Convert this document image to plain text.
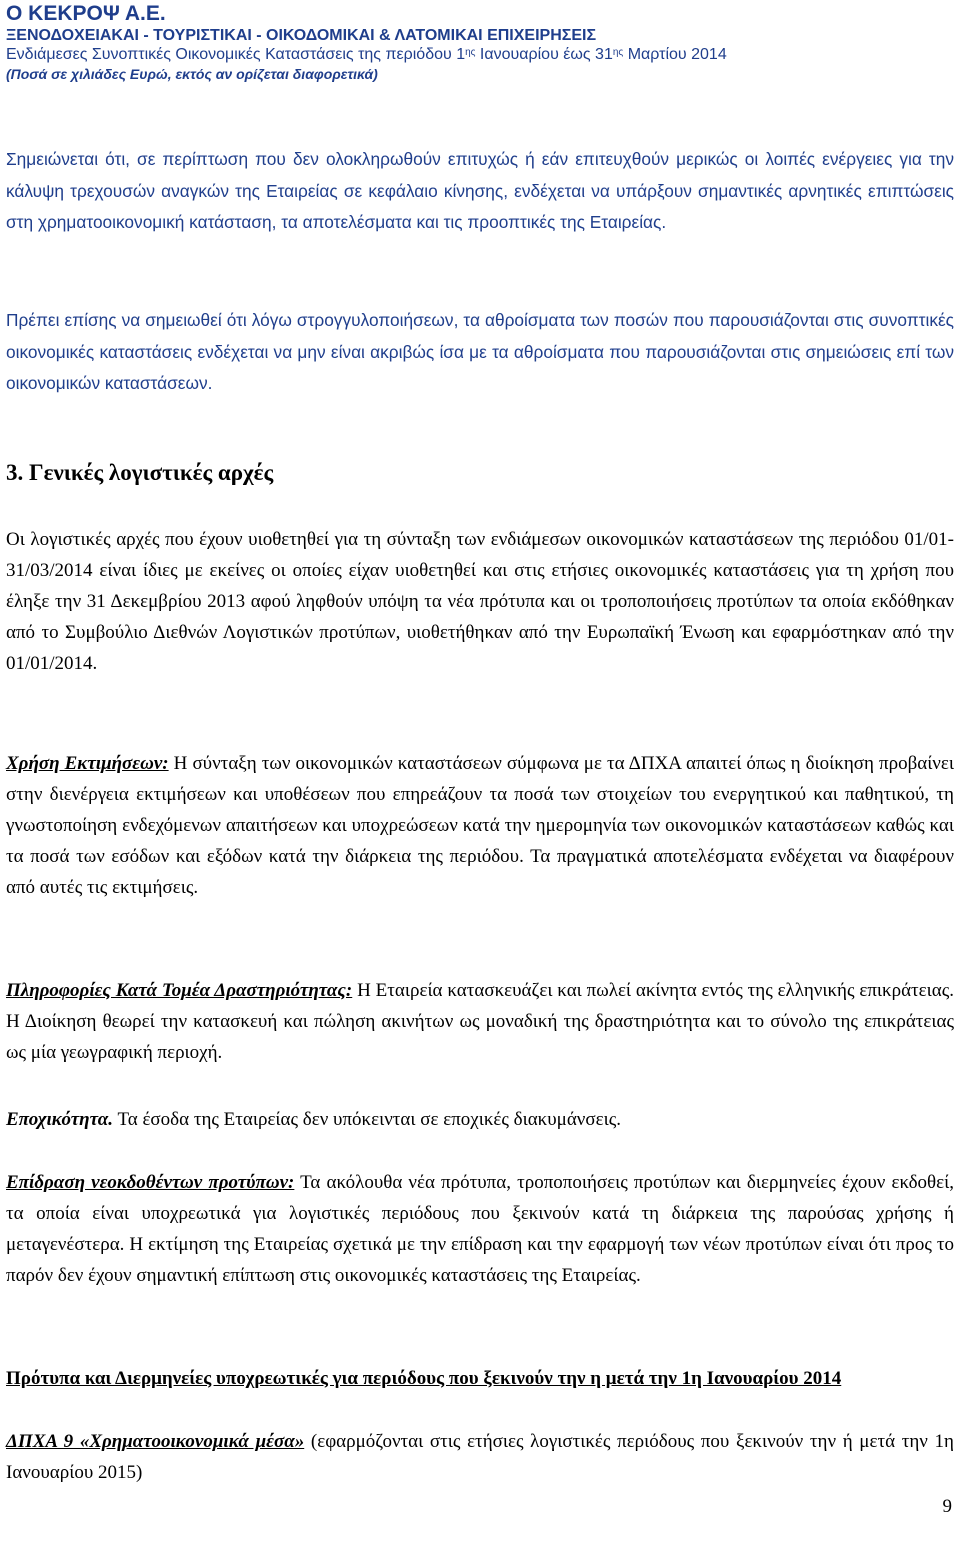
Ο ΚΕΚΡΟΨ Α.Ε.
ΞΕΝΟΔΟΧΕΙΑΚΑΙ - ΤΟΥΡΙΣΤΙΚΑΙ - ΟΙΚΟΔΟΜΙΚΑΙ & ΛΑΤΟΜΙΚΑΙ ΕΠΙΧΕΙΡΗΣΕΙΣ
Ενδιάμεσες Συνοπτικές Οικονομικές Καταστάσεις της περιόδου $1^{\eta\varsigma}$ Ιανουαρίου έως $31^{\eta\varsigma}$ Μαρτίου 2014
(Ποσά σε χιλιάδες Ευρώ, εκτός αν ορίζεται διαφορετικά)

Σημειώνεται ότι, σε περίπτωση που δεν ολοκληρωθούν επιτυχώς ή εάν επιτευχθούν μερικώς οι λοιπές ενέργειες για την κάλυψη τρεχουσών αναγκών της Εταιρείας σε κεφάλαιο κίνησης, ενδέχεται να υπάρξουν σημαντικές αρνητικές επιπτώσεις στη χρηματοοικονομική κατάσταση, τα αποτελέσματα και τις προοπτικές της Εταιρείας.

Πρέπει επίσης να σημειωθεί ότι λόγω στρογγυλοποιήσεων, τα αθροίσματα των ποσών που παρουσιάζονται στις συνοπτικές οικονομικές καταστάσεις ενδέχεται να μην είναι ακριβώς ίσα με τα αθροίσματα που παρουσιάζονται στις σημειώσεις επί των οικονομικών καταστάσεων.

3. Γενικές λογιστικές αρχές

Οι λογιστικές αρχές που έχουν υιοθετηθεί για τη σύνταξη των ενδιάμεσων οικονομικών καταστάσεων της περιόδου 01/01-31/03/2014 είναι ίδιες με εκείνες οι οποίες είχαν υιοθετηθεί και στις ετήσιες οικονομικές καταστάσεις για τη χρήση που έληξε την 31 Δεκεμβρίου 2013 αφού ληφθούν υπόψη τα νέα πρότυπα και οι τροποποιήσεις προτύπων τα οποία εκδόθηκαν από το Συμβούλιο Διεθνών Λογιστικών προτύπων, υιοθετήθηκαν από την Ευρωπαϊκή Ένωση και εφαρμόστηκαν από την 01/01/2014.

Χρήση Εκτιμήσεων: Η σύνταξη των οικονομικών καταστάσεων σύμφωνα με τα ΔΠΧΑ απαιτεί όπως η διοίκηση προβαίνει στην διενέργεια εκτιμήσεων και υποθέσεων που επηρεάζουν τα ποσά των στοιχείων του ενεργητικού και παθητικού, τη γνωστοποίηση ενδεχόμενων απαιτήσεων και υποχρεώσεων κατά την ημερομηνία των οικονομικών καταστάσεων καθώς και τα ποσά των εσόδων και εξόδων κατά την διάρκεια της περιόδου. Τα πραγματικά αποτελέσματα ενδέχεται να διαφέρουν από αυτές τις εκτιμήσεις.

Πληροφορίες Κατά Τομέα Δραστηριότητας: Η Εταιρεία κατασκευάζει και πωλεί ακίνητα εντός της ελληνικής επικράτειας. Η Διοίκηση θεωρεί την κατασκευή και πώληση ακινήτων ως μοναδική της δραστηριότητα και το σύνολο της επικράτειας ως μία γεωγραφική περιοχή.

Εποχικότητα. Τα έσοδα της Εταιρείας δεν υπόκεινται σε εποχικές διακυμάνσεις.

Επίδραση νεοκδοθέντων προτύπων: Τα ακόλουθα νέα πρότυπα, τροποποιήσεις προτύπων και διερμηνείες έχουν εκδοθεί, τα οποία είναι υποχρεωτικά για λογιστικές περιόδους που ξεκινούν κατά τη διάρκεια της παρούσας χρήσης ή μεταγενέστερα. Η εκτίμηση της Εταιρείας σχετικά με την επίδραση και την εφαρμογή των νέων προτύπων είναι ότι προς το παρόν δεν έχουν σημαντική επίπτωση στις οικονομικές καταστάσεις της Εταιρείας.

Πρότυπα και Διερμηνείες υποχρεωτικές για περιόδους που ξεκινούν την η μετά την 1η Ιανουαρίου 2014

ΔΠΧΑ 9 «Χρηματοοικονομικά μέσα» (εφαρμόζονται στις ετήσιες λογιστικές περιόδους που ξεκινούν την ή μετά την 1η Ιανουαρίου 2015)

9
